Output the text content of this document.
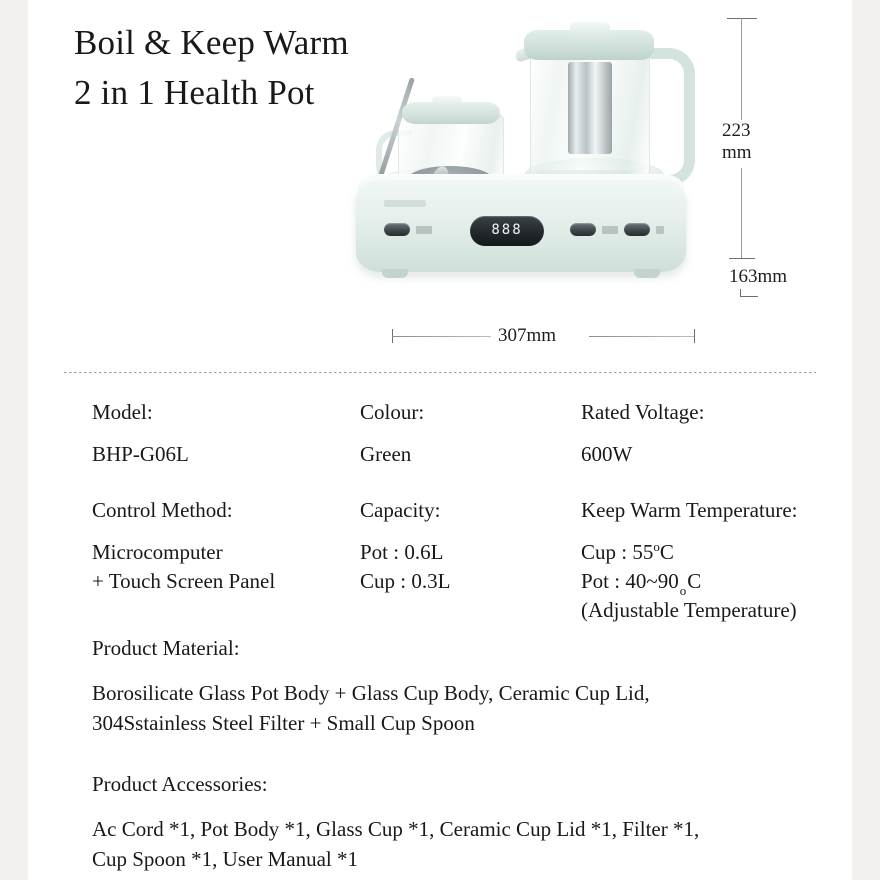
Boil & Keep Warm
2 in 1 Health Pot
888
223
mm
163mm
307mm
Model:
BHP-G06L
Colour:
Green
Rated Voltage:
600W
Control Method:
Microcomputer
+ Touch Screen Panel
Capacity:
Pot : 0.6L
Cup : 0.3L
Keep Warm Temperature:
Cup : 55$^o$C
Pot : $40\sim 90_oC$
(Adjustable Temperature)
Product Material:
Borosilicate Glass Pot Body + Glass Cup Body, Ceramic Cup Lid,
304Sstainless Steel Filter + Small Cup Spoon
Product Accessories:
Ac Cord *1, Pot Body *1, Glass Cup *1, Ceramic Cup Lid *1, Filter *1,
Cup Spoon *1, User Manual *1
